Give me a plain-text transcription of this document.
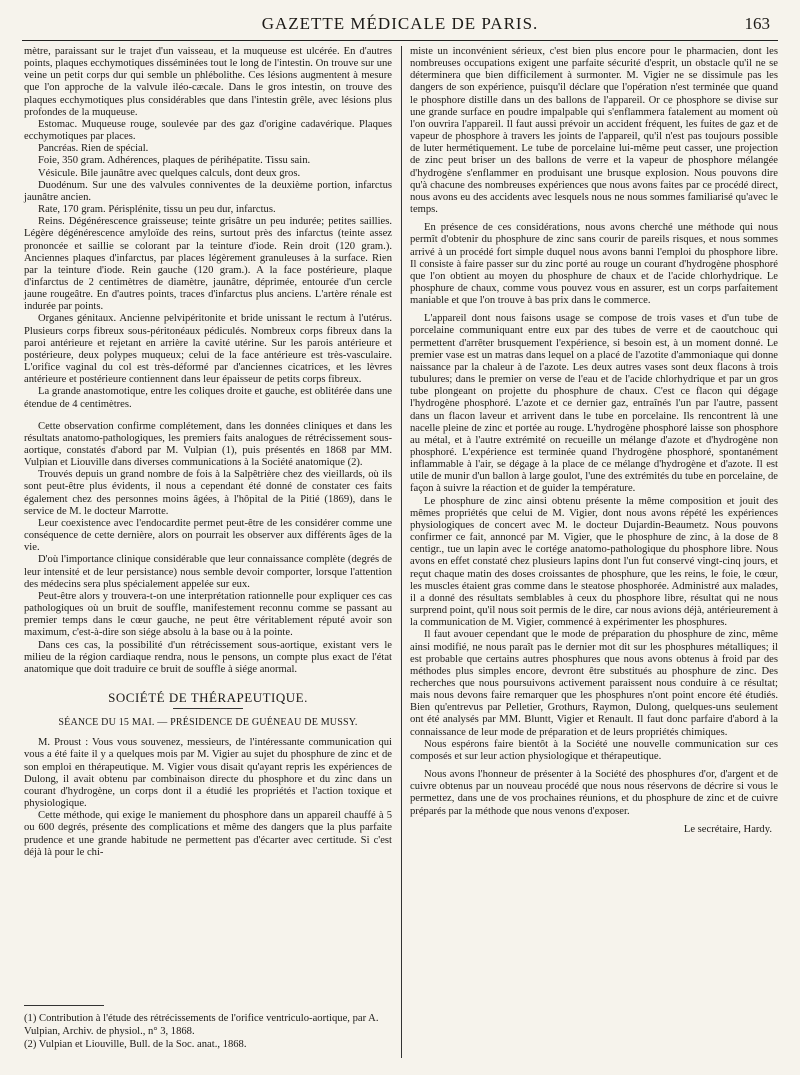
GAZETTE MÉDICALE DE PARIS.	163

mètre, paraissant sur le trajet d'un vaisseau, et la muqueuse est ulcérée. En d'autres points, plaques ecchymotiques disséminées tout le long de l'intestin. On trouve sur une veine un petit corps dur qui semble un phlébolithe. Ces lésions augmentent à mesure que l'on approche de la valvule iléo-cæcale. Dans le gros intestin, on trouve des plaques ecchymotiques plus considérables que dans l'intestin grêle, avec lésions plus profondes de la muqueuse.

Estomac. Muqueuse rouge, soulevée par des gaz d'origine cadavérique. Plaques ecchymotiques par places.

Pancréas. Rien de spécial.

Foie, 350 gram. Adhérences, plaques de périhépatite. Tissu sain.

Vésicule. Bile jaunâtre avec quelques calculs, dont deux gros.

Duodénum. Sur une des valvules conniventes de la deuxième portion, infarctus jaunâtre ancien.

Rate, 170 gram. Périsplénite, tissu un peu dur, infarctus.

Reins. Dégénérescence graisseuse; teinte grisâtre un peu indurée; petites saillies. Légère dégénérescence amyloïde des reins, surtout près des infarctus (teinte assez prononcée et saillie se colorant par la teinture d'iode. Rein droit (120 gram.). Anciennes plaques d'infarctus, par places légèrement granuleuses à la surface. Rien par la teinture d'iode. Rein gauche (120 gram.). A la face postérieure, plaque d'infarctus de 2 centimètres de diamètre, jaunâtre, déprimée, entourée d'un cercle jaune rougeâtre. En d'autres points, traces d'infarctus plus anciens. L'artère rénale est indurée par points.

Organes génitaux. Ancienne pelvipéritonite et bride unissant le rectum à l'utérus. Plusieurs corps fibreux sous-péritonéaux pédiculés. Nombreux corps fibreux dans la paroi antérieure et rejetant en arrière la cavité utérine. Sur les parois antérieure et postérieure, deux polypes muqueux; celui de la face antérieure est très-vasculaire. L'orifice vaginal du col est très-déformé par d'anciennes cicatrices, et les lèvres antérieure et postérieure contiennent dans leur épaisseur de petits corps fibreux.

La grande anastomotique, entre les coliques droite et gauche, est oblitérée dans une étendue de 4 centimètres.

Cette observation confirme complétement, dans les données cliniques et dans les résultats anatomo-pathologiques, les premiers faits analogues de rétrécissement sous-aortique, constatés d'abord par M. Vulpian (1), puis présentés en 1868 par MM. Vulpian et Liouville dans diverses communications à la Société anatomique (2).

Trouvés depuis un grand nombre de fois à la Salpêtrière chez des vieillards, où ils sont peut-être plus évidents, il nous a cependant été donné de constater ces faits également chez des personnes moins âgées, à l'hôpital de la Pitié (1869), dans le service de M. le docteur Marrotte.

Leur coexistence avec l'endocardite permet peut-être de les considérer comme une conséquence de cette dernière, alors on pourrait les observer aux différents âges de la vie.

D'où l'importance clinique considérable que leur connaissance complète (degrés de leur intensité et de leur persistance) nous semble devoir comporter, lorsque l'attention des médecins sera plus spécialement appelée sur eux.

Peut-être alors y trouvera-t-on une interprétation rationnelle pour expliquer ces cas pathologiques où un bruit de souffle, manifestement reconnu comme se passant au premier temps dans le cœur gauche, ne peut être véritablement réputé avoir son maximum, c'est-à-dire son siége absolu à la base ou à la pointe.

Dans ces cas, la possibilité d'un rétrécissement sous-aortique, existant vers le milieu de la région cardiaque rendra, nous le pensons, un compte plus exact de l'état anatomique que doit traduire ce bruit de souffle à siége anormal.

SOCIÉTÉ DE THÉRAPEUTIQUE.
SÉANCE DU 15 MAI. — PRÉSIDENCE DE GUÉNEAU DE MUSSY.

M. Proust : Vous vous souvenez, messieurs, de l'intéressante communication qui vous a été faite il y a quelques mois par M. Vigier au sujet du phosphure de zinc et de son emploi en thérapeutique. M. Vigier vous disait qu'ayant repris les expériences de Dulong, il avait obtenu par combinaison directe du phosphore et du zinc dans un courant d'hydrogène, un corps dont il a étudié les propriétés et l'action toxique et physiologique.

Cette méthode, qui exige le maniement du phosphore dans un appareil chauffé à 5 ou 600 degrés, présente des complications et même des dangers que la plus parfaite prudence et une grande habitude ne permettent pas d'écarter avec certitude. Si c'est déjà là pour le chi-

(1) Contribution à l'étude des rétrécissements de l'orifice ventriculo-aortique, par A. Vulpian, Archiv. de physiol., n° 3, 1868.
(2) Vulpian et Liouville, Bull. de la Soc. anat., 1868.

miste un inconvénient sérieux, c'est bien plus encore pour le pharmacien, dont les nombreuses occupations exigent une parfaite sécurité d'esprit, un obstacle qu'il ne se déterminera que bien difficilement à surmonter. M. Vigier ne se dissimule pas les dangers de son expérience, puisqu'il déclare que l'opération n'est terminée que quand le phosphore distille dans un des ballons de l'appareil. Or ce phosphore se divise sur une grande surface en poudre impalpable qui s'enflammera fatalement au moment où l'on ouvrira l'appareil. Il faut aussi prévoir un accident fréquent, les fuites de gaz et de vapeur de phosphore à travers les joints de l'appareil, qu'il n'est pas toujours possible de luter hermétiquement. Le tube de porcelaine lui-même peut casser, une projection de zinc peut briser un des ballons de verre et la vapeur de phosphore mélangée d'hydrogène s'enflammer en produisant une brusque explosion. Nous pouvons dire qu'à chacune des nombreuses expériences que nous avons faites par ce procédé direct, nous avons eu des accidents avec lesquels nous ne nous sommes familiarisé qu'avec le temps.

En présence de ces considérations, nous avons cherché une méthode qui nous permît d'obtenir du phosphure de zinc sans courir de pareils risques, et nous sommes arrivé à un procédé fort simple duquel nous avons banni l'emploi du phosphore libre. Il consiste à faire passer sur du zinc porté au rouge un courant d'hydrogène phosphoré que l'on obtient au moyen du phosphure de chaux et de l'acide chlorhydrique. Le phosphure de chaux, comme vous pouvez vous en assurer, est un corps parfaitement maniable et que l'on trouve à bas prix dans le commerce.

L'appareil dont nous faisons usage se compose de trois vases et d'un tube de porcelaine communiquant entre eux par des tubes de verre et de caoutchouc qui permettent d'arrêter brusquement l'expérience, si besoin est, à un moment donné. Le premier vase est un matras dans lequel on a placé de l'azotite d'ammoniaque qui donne naissance par la chaleur à de l'azote. Les deux autres vases sont deux flacons à trois tubulures; dans le premier on verse de l'eau et de l'acide chlorhydrique et par un gros tube plongeant on projette du phosphure de chaux. C'est ce flacon qui dégage l'hydrogène phosphoré. L'azote et ce dernier gaz, entraînés l'un par l'autre, passent dans un flacon laveur et arrivent dans le tube en porcelaine. Ils rencontrent là une nacelle pleine de zinc et portée au rouge. L'hydrogène phosphoré laisse son phosphore au métal, et à l'autre extrémité on recueille un mélange d'azote et d'hydrogène non phosphoré. L'expérience est terminée quand l'hydrogène phosphoré, spontanément inflammable à l'air, se dégage à la place de ce mélange d'hydrogène et d'azote. Il est utile de munir d'un ballon à large goulot, l'une des extrémités du tube en porcelaine, de façon à suivre la réaction et de guider la température.

Le phosphure de zinc ainsi obtenu présente la même composition et jouit des mêmes propriétés que celui de M. Vigier, dont nous avons répété les expériences physiologiques de concert avec M. le docteur Dujardin-Beaumetz. Nous pouvons confirmer ce fait, annoncé par M. Vigier, que le phosphure de zinc, à la dose de 8 centigr., tue un lapin avec le cortége anatomo-pathologique du phosphore libre. Nous avons en effet constaté chez plusieurs lapins dont l'un fut conservé vingt-cinq jours, et reçut chaque matin des doses croissantes de phosphure, que les reins, le foie, le cœur, les muscles étaient gras comme dans le steatose phosphorée. Administré aux malades, il a donné des résultats semblables à ceux du phosphore libre, résultat qui ne nous surprend point, qu'il nous soit permis de le dire, car nous avions déjà, antérieurement à la communication de M. Vigier, commencé à expérimenter les phosphures.

Il faut avouer cependant que le mode de préparation du phosphure de zinc, même ainsi modifié, ne nous paraît pas le dernier mot dit sur les phosphures métalliques; il est probable que certains autres phosphures que nous avons obtenus à froid par des méthodes plus simples encore, devront être substitués au phosphure de zinc. Des recherches que nous poursuivons activement paraissent nous conduire à ce résultat; mais nous devons faire remarquer que les phosphures n'ont point encore été étudiés. Bien qu'entrevus par Pelletier, Grothurs, Raymon, Dulong, quelques-uns seulement ont été analysés par MM. Bluntt, Vigier et Renault. Il faut donc parfaire d'abord à la connaissance de leur mode de préparation et de leurs propriétés chimiques.

Nous espérons faire bientôt à la Société une nouvelle communication sur ces composés et sur leur action physiologique et thérapeutique.

Nous avons l'honneur de présenter à la Société des phosphures d'or, d'argent et de cuivre obtenus par un nouveau procédé que nous nous réservons de décrire si vous le permettez, dans une de vos prochaines réunions, et du phosphure de zinc et de cuivre préparés par la méthode que nous venons d'exposer.

Le secrétaire, Hardy.
